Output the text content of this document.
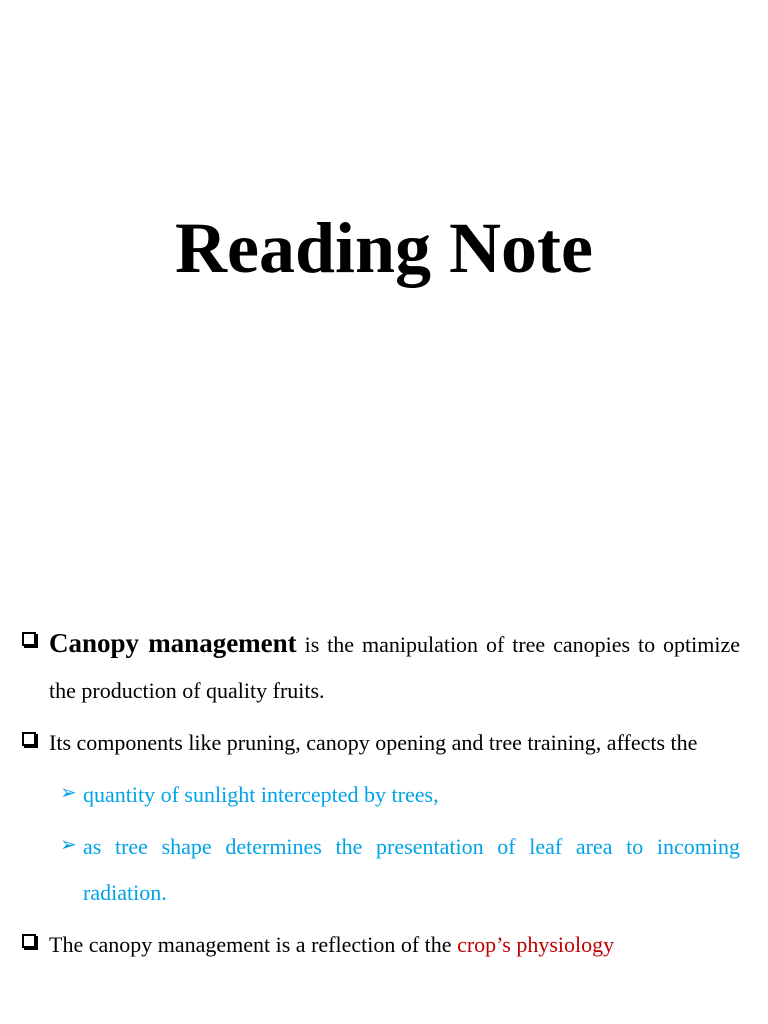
Reading Note

Canopy management is the manipulation of tree canopies to optimize the production of quality fruits.

Its components like pruning, canopy opening and tree training, affects the

➢ quantity of sunlight intercepted by trees,

➢ as tree shape determines the presentation of leaf area to incoming radiation.

The canopy management is a reflection of the crop’s physiology
